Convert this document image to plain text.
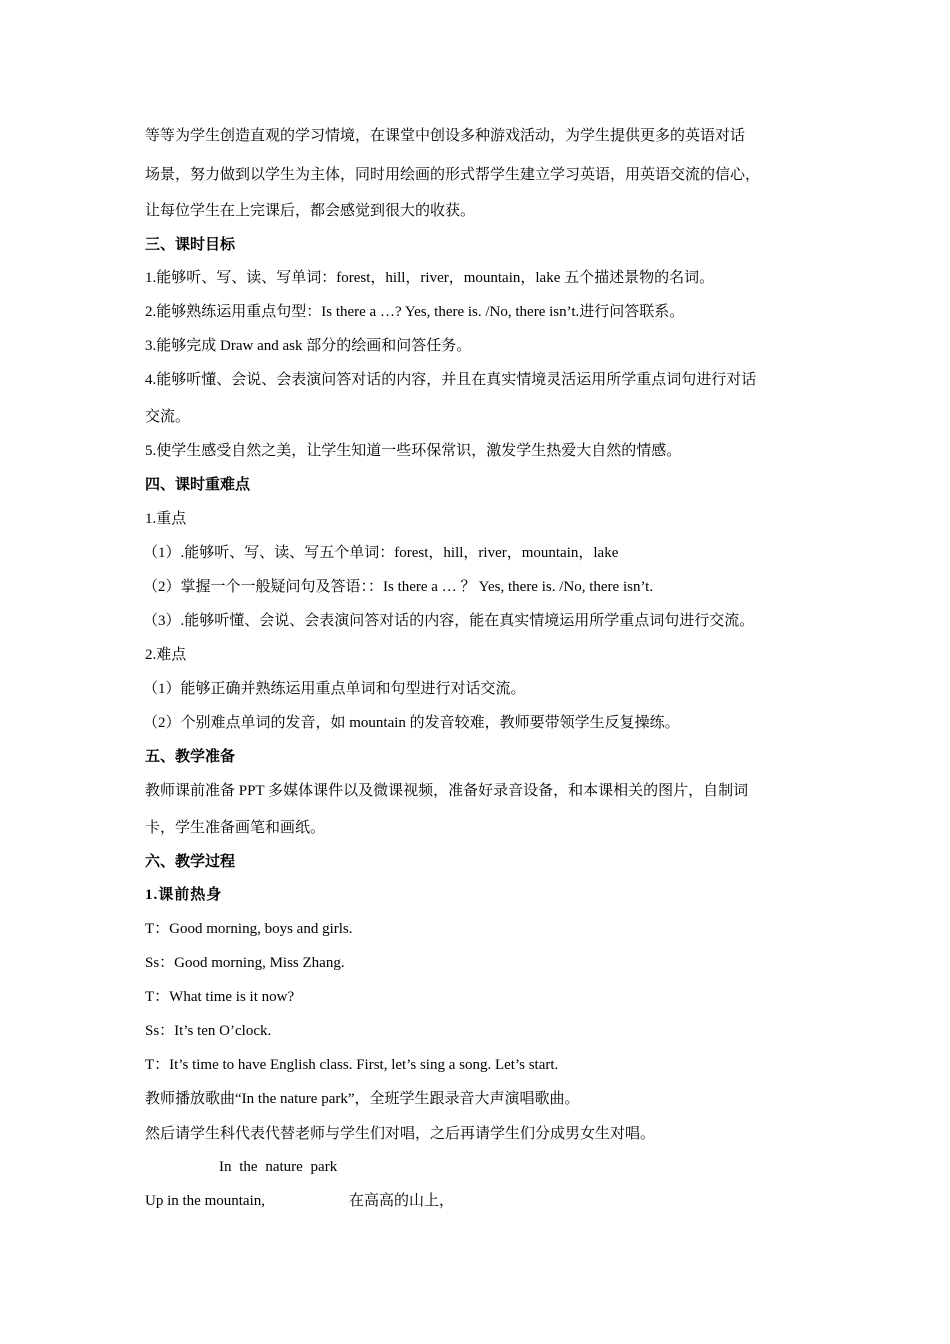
等等为学生创造直观的学习情境，在课堂中创设多种游戏活动，为学生提供更多的英语对话
场景，努力做到以学生为主体，同时用绘画的形式帮学生建立学习英语，用英语交流的信心，
让每位学生在上完课后，都会感觉到很大的收获。
三、课时目标
1.能够听、写、读、写单词：forest，hill，river，mountain，lake 五个描述景物的名词。
2.能够熟练运用重点句型：Is there a …? Yes, there is. /No, there isn’t.进行问答联系。
3.能够完成 Draw and ask 部分的绘画和问答任务。
4.能够听懂、会说、会表演问答对话的内容，并且在真实情境灵活运用所学重点词句进行对话
交流。
5.使学生感受自然之美，让学生知道一些环保常识，激发学生热爱大自然的情感。
四、课时重难点
1.重点
（1）.能够听、写、读、写五个单词：forest，hill，river，mountain，lake
（2）掌握一个一般疑问句及答语：：Is there a … ？ Yes, there is. /No, there isn’t.
（3）.能够听懂、会说、会表演问答对话的内容，能在真实情境运用所学重点词句进行交流。
2.难点
（1）能够正确并熟练运用重点单词和句型进行对话交流。
（2）个别难点单词的发音，如 mountain 的发音较难，教师要带领学生反复操练。
五、教学准备
教师课前准备 PPT 多媒体课件以及微课视频，准备好录音设备，和本课相关的图片，自制词
卡，学生准备画笔和画纸。
六、教学过程
1.课前热身
T：Good morning, boys and girls.
Ss：Good morning, Miss Zhang.
T：What time is it now?
Ss：It’s ten O’clock.
T：It’s time to have English class. First, let’s sing a song. Let’s start.
教师播放歌曲“In the nature park”，全班学生跟录音大声演唱歌曲。
然后请学生科代表代替老师与学生们对唱，之后再请学生们分成男女生对唱。
In the nature park
Up in the mountain,	在高高的山上，
